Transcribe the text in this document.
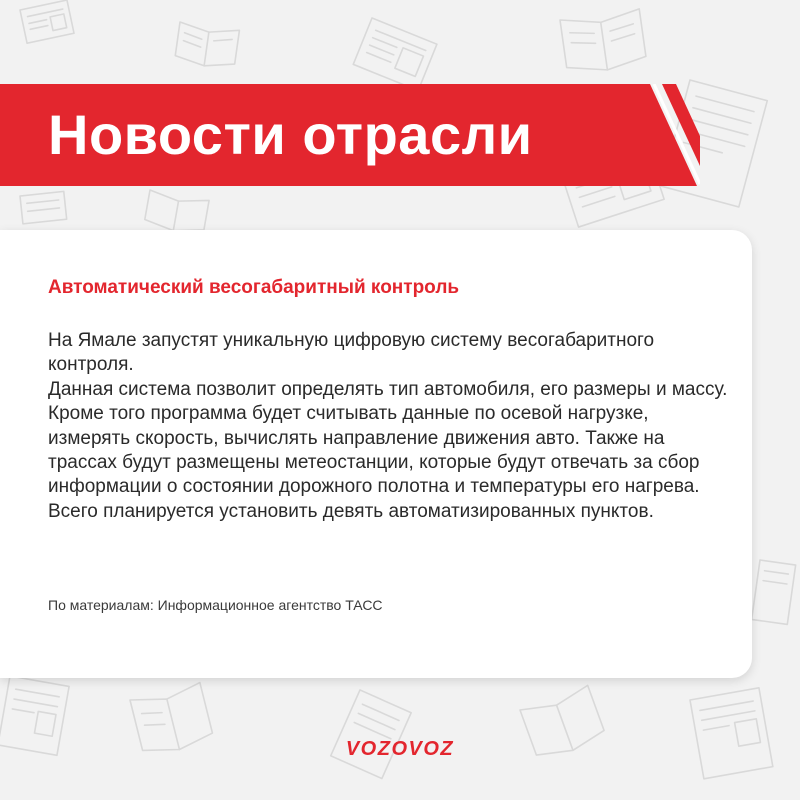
Новости отрасли
Автоматический весогабаритный контроль

На Ямале запустят уникальную цифровую систему весогабаритного контроля.

Данная система позволит определять тип автомобиля, его размеры и массу. Кроме того программа будет считывать данные по осевой нагрузке, измерять скорость, вычислять направление движения авто. Также на трассах будут размещены метеостанции, которые будут отвечать за сбор информации о состоянии дорожного полотна и температуры его нагрева. Всего планируется установить девять автоматизированных пунктов.

По материалам: Информационное агентство ТАСС

VOZOVOZ
